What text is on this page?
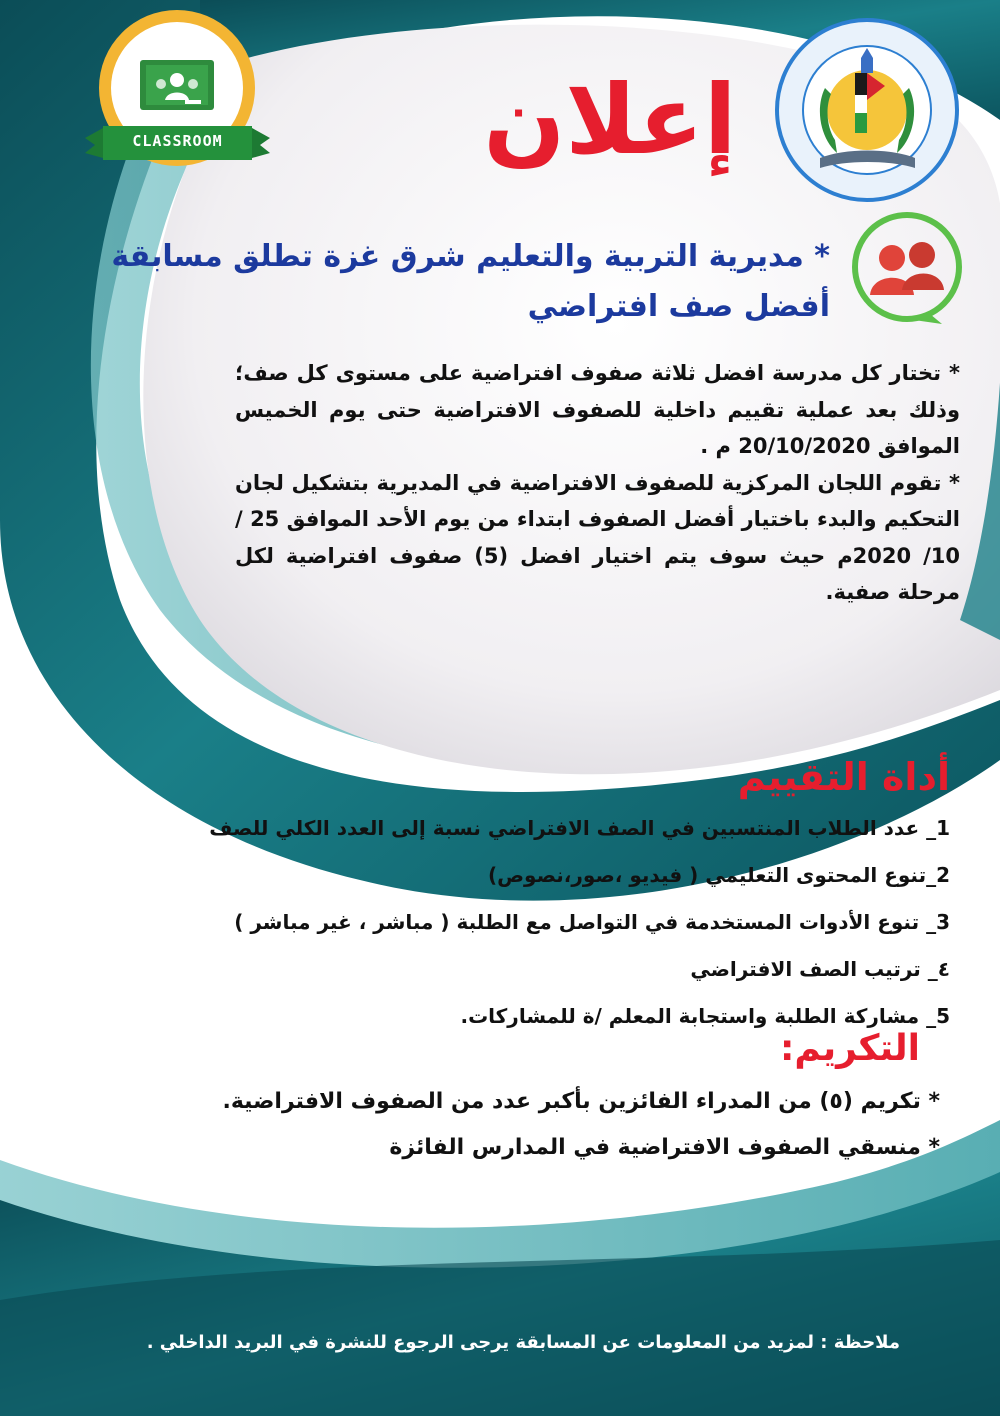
CLASSROOM	إعلان
* مديرية التربية والتعليم شرق غزة تطلق مسابقة
أفضل صف افتراضي
* تختار كل مدرسة افضل ثلاثة صفوف افتراضية على مستوى كل صف؛ وذلك بعد عملية تقييم داخلية للصفوف الافتراضية حتى يوم الخميس الموافق 20/10/2020 م .
* تقوم اللجان المركزية للصفوف الافتراضية في المديرية بتشكيل لجان التحكيم والبدء باختيار أفضل الصفوف ابتداء من يوم الأحد الموافق 25 / 10/ 2020م حيث سوف يتم اختيار افضل (5) صفوف افتراضية لكل مرحلة صفية.
أداة التقييم
1_ عدد الطلاب المنتسبين في الصف الافتراضي نسبة إلى العدد الكلي للصف
2_تنوع المحتوى التعليمي ( فيديو ،صور،نصوص)
3_ تنوع الأدوات المستخدمة في التواصل مع الطلبة ( مباشر ، غير مباشر )
٤_ ترتيب الصف الافتراضي
5_ مشاركة الطلبة واستجابة المعلم /ة للمشاركات.
التكريم:
* تكريم (٥) من المدراء الفائزين بأكبر عدد من الصفوف الافتراضية.
* منسقي الصفوف الافتراضية في المدارس الفائزة
ملاحظة : لمزيد من المعلومات عن المسابقة يرجى الرجوع للنشرة في البريد الداخلي .
